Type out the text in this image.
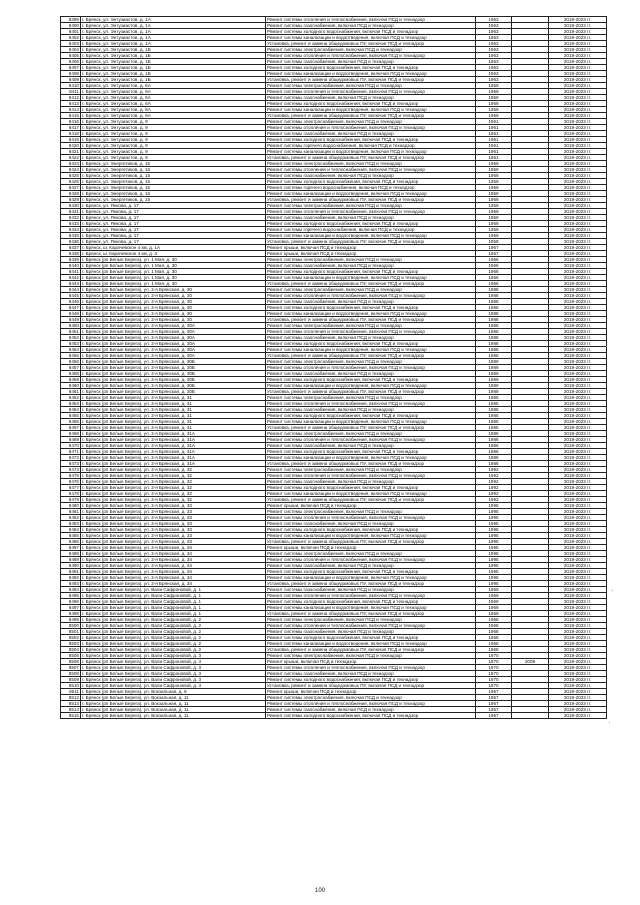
8399	г. Брянск, ул. Энтузиастов, д. 1А	Ремонт системы отопления и теплоснабжения, включая ПСД и технадзор	1963		2019-2023 гг.
8400	г. Брянск, ул. Энтузиастов, д. 1А	Ремонт системы газоснабжения, включая ПСД и технадзор	1963		2019-2023 гг.
8401	г. Брянск, ул. Энтузиастов, д. 1А	Ремонт системы холодного водоснабжения, включая ПСД и технадзор	1963		2019-2023 гг.
8402	г. Брянск, ул. Энтузиастов, д. 1А	Ремонт системы канализации и водоотведения, включая ПСД и технадзор	1963		2019-2023 гг.
8403	г. Брянск, ул. Энтузиастов, д. 1А	Установка, ремонт и замена общедомовых ПУ, включая ПСД и технадзор	1963		2019-2023 гг.
8404	г. Брянск, ул. Энтузиастов, д. 1Б	Ремонт системы электроснабжения, включая ПСД и технадзор	1963		2019-2023 гг.
8405	г. Брянск, ул. Энтузиастов, д. 1Б	Ремонт системы отопления и теплоснабжения, включая ПСД и технадзор	1963		2019-2023 гг.
8406	г. Брянск, ул. Энтузиастов, д. 1Б	Ремонт системы газоснабжения, включая ПСД и технадзор	1963		2019-2023 гг.
8407	г. Брянск, ул. Энтузиастов, д. 1Б	Ремонт системы холодного водоснабжения, включая ПСД и технадзор	1963		2019-2023 гг.
8408	г. Брянск, ул. Энтузиастов, д. 1Б	Ремонт системы канализации и водоотведения, включая ПСД и технадзор	1963		2019-2023 гг.
8409	г. Брянск, ул. Энтузиастов, д. 1Б	Установка, ремонт и замена общедомовых ПУ, включая ПСД и технадзор	1963		2019-2023 гг.
8410	г. Брянск, ул. Энтузиастов, д. 6А	Ремонт системы электроснабжения, включая ПСД и технадзор	1959		2019-2023 гг.
8411	г. Брянск, ул. Энтузиастов, д. 6А	Ремонт системы отопления и теплоснабжения, включая ПСД и технадзор	1959		2019-2023 гг.
8412	г. Брянск, ул. Энтузиастов, д. 6А	Ремонт системы газоснабжения, включая ПСД и технадзор	1959		2019-2023 гг.
8413	г. Брянск, ул. Энтузиастов, д. 6А	Ремонт системы холодного водоснабжения, включая ПСД и технадзор	1959		2019-2023 гг.
8414	г. Брянск, ул. Энтузиастов, д. 6А	Ремонт системы канализации и водоотведения, включая ПСД и технадзор	1959		2019-2023 гг.
8415	г. Брянск, ул. Энтузиастов, д. 6А	Установка, ремонт и замена общедомовых ПУ, включая ПСД и технадзор	1959		2019-2023 гг.
8416	г. Брянск, ул. Энтузиастов, д. 9	Ремонт системы электроснабжения, включая ПСД и технадзор	1961		2019-2023 гг.
8417	г. Брянск, ул. Энтузиастов, д. 9	Ремонт системы отопления и теплоснабжения, включая ПСД и технадзор	1961		2019-2023 гг.
8418	г. Брянск, ул. Энтузиастов, д. 9	Ремонт системы газоснабжения, включая ПСД и технадзор	1961		2019-2023 гг.
8419	г. Брянск, ул. Энтузиастов, д. 9	Ремонт системы холодного водоснабжения, включая ПСД и технадзор	1961		2019-2023 гг.
8420	г. Брянск, ул. Энтузиастов, д. 9	Ремонт системы горячего водоснабжения, включая ПСД и технадзор	1961		2019-2023 гг.
8421	г. Брянск, ул. Энтузиастов, д. 9	Ремонт системы канализации и водоотведения, включая ПСД и технадзор	1961		2019-2023 гг.
8422	г. Брянск, ул. Энтузиастов, д. 9	Установка, ремонт и замена общедомовых ПУ, включая ПСД и технадзор	1961		2019-2023 гг.
8423	г. Брянск, ул. Энергетиков, д. 15	Ремонт системы электроснабжения, включая ПСД и технадзор	1959		2019-2023 гг.
8424	г. Брянск, ул. Энергетиков, д. 15	Ремонт системы отопления и теплоснабжения, включая ПСД и технадзор	1959		2019-2023 гг.
8425	г. Брянск, ул. Энергетиков, д. 15	Ремонт системы газоснабжения, включая ПСД и технадзор	1959		2019-2023 гг.
8426	г. Брянск, ул. Энергетиков, д. 15	Ремонт системы холодного водоснабжения, включая ПСД и технадзор	1959		2019-2023 гг.
8427	г. Брянск, ул. Энергетиков, д. 15	Ремонт системы горячего водоснабжения, включая ПСД и технадзор	1959		2019-2023 гг.
8428	г. Брянск, ул. Энергетиков, д. 15	Ремонт системы канализации и водоотведения, включая ПСД и технадзор	1959		2019-2023 гг.
8429	г. Брянск, ул. Энергетиков, д. 15	Установка, ремонт и замена общедомовых ПУ, включая ПСД и технадзор	1959		2019-2023 гг.
8430	г. Брянск, ул. Янкова, д. 17	Ремонт системы электроснабжения, включая ПСД и технадзор	1959		2019-2023 гг.
8431	г. Брянск, ул. Янкова, д. 17	Ремонт системы отопления и теплоснабжения, включая ПСД и технадзор	1959		2019-2023 гг.
8432	г. Брянск, ул. Янкова, д. 17	Ремонт системы газоснабжения, включая ПСД и технадзор	1959		2019-2023 гг.
8433	г. Брянск, ул. Янкова, д. 17	Ремонт системы холодного водоснабжения, включая ПСД и технадзор	1959		2019-2023 гг.
8434	г. Брянск, ул. Янкова, д. 17	Ремонт системы горячего водоснабжения, включая ПСД и технадзор	1959		2019-2023 гг.
8435	г. Брянск, ул. Янкова, д. 17	Ремонт системы канализации и водоотведения, включая ПСД и технадзор	1959		2019-2023 гг.
8436	г. Брянск, ул. Янкова, д. 17	Установка, ремонт и замена общедомовых ПУ, включая ПСД и технадзор	1959		2019-2023 гг.
8437	г. Брянск, ш. Карачевское 4 км, д. 1А	Ремонт крыши, включая ПСД и технадзор	1967		2019-2023 гг.
8438	г. Брянск, ш. Карачевское 4 км, д. 3	Ремонт крыши, включая ПСД и технадзор	1967		2019-2023 гг.
8439	г. Брянск (рп Белые Берега), ул. 1 Мая, д. 30	Ремонт системы электроснабжения, включая ПСД и технадзор	1966		2019-2023 гг.
8440	г. Брянск (рп Белые Берега), ул. 1 Мая, д. 30	Ремонт системы газоснабжения, включая ПСД и технадзор	1966		2019-2023 гг.
8441	г. Брянск (рп Белые Берега), ул. 1 Мая, д. 30	Ремонт системы холодного водоснабжения, включая ПСД и технадзор	1966		2019-2023 гг.
8442	г. Брянск (рп Белые Берега), ул. 1 Мая, д. 30	Ремонт системы канализации и водоотведения, включая ПСД и технадзор	1966		2019-2023 гг.
8443	г. Брянск (рп Белые Берега), ул. 1 Мая, д. 30	Установка, ремонт и замена общедомовых ПУ, включая ПСД и технадзор	1966		2019-2023 гг.
8444	г. Брянск (рп Белые Берега), ул. 2-я Брянская, д. 30	Ремонт системы электроснабжения, включая ПСД и технадзор	1988		2019-2023 гг.
8445	г. Брянск (рп Белые Берега), ул. 2-я Брянская, д. 30	Ремонт системы отопления и теплоснабжения, включая ПСД и технадзор	1988		2019-2023 гг.
8446	г. Брянск (рп Белые Берега), ул. 2-я Брянская, д. 30	Ремонт системы газоснабжения, включая ПСД и технадзор	1988		2019-2023 гг.
8447	г. Брянск (рп Белые Берега), ул. 2-я Брянская, д. 30	Ремонт системы холодного водоснабжения, включая ПСД и технадзор	1988		2019-2023 гг.
8448	г. Брянск (рп Белые Берега), ул. 2-я Брянская, д. 30	Ремонт системы канализации и водоотведения, включая ПСД и технадзор	1988		2019-2023 гг.
8449	г. Брянск (рп Белые Берега), ул. 2-я Брянская, д. 30	Установка, ремонт и замена общедомовых ПУ, включая ПСД и технадзор	1988		2019-2023 гг.
8450	г. Брянск (рп Белые Берега), ул. 2-я Брянская, д. 30А	Ремонт системы электроснабжения, включая ПСД и технадзор	1988		2019-2023 гг.
8451	г. Брянск (рп Белые Берега), ул. 2-я Брянская, д. 30А	Ремонт системы отопления и теплоснабжения, включая ПСД и технадзор	1988		2019-2023 гг.
8452	г. Брянск (рп Белые Берега), ул. 2-я Брянская, д. 30А	Ремонт системы газоснабжения, включая ПСД и технадзор	1988		2019-2023 гг.
8453	г. Брянск (рп Белые Берега), ул. 2-я Брянская, д. 30А	Ремонт системы холодного водоснабжения, включая ПСД и технадзор	1988		2019-2023 гг.
8454	г. Брянск (рп Белые Берега), ул. 2-я Брянская, д. 30А	Ремонт системы канализации и водоотведения, включая ПСД и технадзор	1988		2019-2023 гг.
8455	г. Брянск (рп Белые Берега), ул. 2-я Брянская, д. 30А	Установка, ремонт и замена общедомовых ПУ, включая ПСД и технадзор	1988		2019-2023 гг.
8456	г. Брянск (рп Белые Берега), ул. 2-я Брянская, д. 30Б	Ремонт системы электроснабжения, включая ПСД и технадзор	1989		2019-2023 гг.
8457	г. Брянск (рп Белые Берега), ул. 2-я Брянская, д. 30Б	Ремонт системы отопления и теплоснабжения, включая ПСД и технадзор	1989		2019-2023 гг.
8458	г. Брянск (рп Белые Берега), ул. 2-я Брянская, д. 30Б	Ремонт системы газоснабжения, включая ПСД и технадзор	1989		2019-2023 гг.
8459	г. Брянск (рп Белые Берега), ул. 2-я Брянская, д. 30Б	Ремонт системы холодного водоснабжения, включая ПСД и технадзор	1989		2019-2023 гг.
8460	г. Брянск (рп Белые Берега), ул. 2-я Брянская, д. 30Б	Ремонт системы канализации и водоотведения, включая ПСД и технадзор	1989		2019-2023 гг.
8461	г. Брянск (рп Белые Берега), ул. 2-я Брянская, д. 30Б	Установка, ремонт и замена общедомовых ПУ, включая ПСД и технадзор	1989		2019-2023 гг.
8462	г. Брянск (рп Белые Берега), ул. 2-я Брянская, д. 31	Ремонт системы электроснабжения, включая ПСД и технадзор	1985		2019-2023 гг.
8463	г. Брянск (рп Белые Берега), ул. 2-я Брянская, д. 31	Ремонт системы отопления и теплоснабжения, включая ПСД и технадзор	1985		2019-2023 гг.
8464	г. Брянск (рп Белые Берега), ул. 2-я Брянская, д. 31	Ремонт системы газоснабжения, включая ПСД и технадзор	1985		2019-2023 гг.
8465	г. Брянск (рп Белые Берега), ул. 2-я Брянская, д. 31	Ремонт системы холодного водоснабжения, включая ПСД и технадзор	1985		2019-2023 гг.
8466	г. Брянск (рп Белые Берега), ул. 2-я Брянская, д. 31	Ремонт системы канализации и водоотведения, включая ПСД и технадзор	1985		2019-2023 гг.
8467	г. Брянск (рп Белые Берега), ул. 2-я Брянская, д. 31	Установка, ремонт и замена общедомовых ПУ, включая ПСД и технадзор	1985		2019-2023 гг.
8468	г. Брянск (рп Белые Берега), ул. 2-я Брянская, д. 31А	Ремонт системы электроснабжения, включая ПСД и технадзор	1986		2019-2023 гг.
8469	г. Брянск (рп Белые Берега), ул. 2-я Брянская, д. 31А	Ремонт системы отопления и теплоснабжения, включая ПСД и технадзор	1986		2019-2023 гг.
8470	г. Брянск (рп Белые Берега), ул. 2-я Брянская, д. 31А	Ремонт системы газоснабжения, включая ПСД и технадзор	1986		2019-2023 гг.
8471	г. Брянск (рп Белые Берега), ул. 2-я Брянская, д. 31А	Ремонт системы холодного водоснабжения, включая ПСД и технадзор	1986		2019-2023 гг.
8472	г. Брянск (рп Белые Берега), ул. 2-я Брянская, д. 31А	Ремонт системы канализации и водоотведения, включая ПСД и технадзор	1986		2019-2023 гг.
8473	г. Брянск (рп Белые Берега), ул. 2-я Брянская, д. 31А	Установка, ремонт и замена общедомовых ПУ, включая ПСД и технадзор	1986		2019-2023 гг.
8474	г. Брянск (рп Белые Берега), ул. 2-я Брянская, д. 32	Ремонт системы электроснабжения, включая ПСД и технадзор	1992		2019-2023 гг.
8475	г. Брянск (рп Белые Берега), ул. 2-я Брянская, д. 32	Ремонт системы отопления и теплоснабжения, включая ПСД и технадзор	1992		2019-2023 гг.
8476	г. Брянск (рп Белые Берега), ул. 2-я Брянская, д. 32	Ремонт системы газоснабжения, включая ПСД и технадзор	1992		2019-2023 гг.
8477	г. Брянск (рп Белые Берега), ул. 2-я Брянская, д. 32	Ремонт системы холодного водоснабжения, включая ПСД и технадзор	1992		2019-2023 гг.
8478	г. Брянск (рп Белые Берега), ул. 2-я Брянская, д. 32	Ремонт системы канализации и водоотведения, включая ПСД и технадзор	1992		2019-2023 гг.
8479	г. Брянск (рп Белые Берега), ул. 2-я Брянская, д. 32	Установка, ремонт и замена общедомовых ПУ, включая ПСД и технадзор	1992		2019-2023 гг.
8480	г. Брянск (рп Белые Берега), ул. 2-я Брянская, д. 33	Ремонт крыши, включая ПСД и технадзор	1995		2019-2023 гг.
8481	г. Брянск (рп Белые Берега), ул. 2-я Брянская, д. 33	Ремонт системы электроснабжения, включая ПСД и технадзор	1995		2019-2023 гг.
8482	г. Брянск (рп Белые Берега), ул. 2-я Брянская, д. 33	Ремонт системы отопления и теплоснабжения, включая ПСД и технадзор	1995		2019-2023 гг.
8483	г. Брянск (рп Белые Берега), ул. 2-я Брянская, д. 33	Ремонт системы газоснабжения, включая ПСД и технадзор	1995		2019-2023 гг.
8484	г. Брянск (рп Белые Берега), ул. 2-я Брянская, д. 33	Ремонт системы холодного водоснабжения, включая ПСД и технадзор	1995		2019-2023 гг.
8485	г. Брянск (рп Белые Берега), ул. 2-я Брянская, д. 33	Ремонт системы канализации и водоотведения, включая ПСД и технадзор	1995		2019-2023 гг.
8486	г. Брянск (рп Белые Берега), ул. 2-я Брянская, д. 33	Установка, ремонт и замена общедомовых ПУ, включая ПСД и технадзор	1995		2019-2023 гг.
8487	г. Брянск (рп Белые Берега), ул. 2-я Брянская, д. 34	Ремонт крыши, включая ПСД и технадзор	1995		2019-2023 гг.
8488	г. Брянск (рп Белые Берега), ул. 2-я Брянская, д. 34	Ремонт системы электроснабжения, включая ПСД и технадзор	1995		2019-2023 гг.
8489	г. Брянск (рп Белые Берега), ул. 2-я Брянская, д. 34	Ремонт системы отопления и теплоснабжения, включая ПСД и технадзор	1995		2019-2023 гг.
8490	г. Брянск (рп Белые Берега), ул. 2-я Брянская, д. 34	Ремонт системы газоснабжения, включая ПСД и технадзор	1995		2019-2023 гг.
8491	г. Брянск (рп Белые Берега), ул. 2-я Брянская, д. 34	Ремонт системы холодного водоснабжения, включая ПСД и технадзор	1995		2019-2023 гг.
8492	г. Брянск (рп Белые Берега), ул. 2-я Брянская, д. 34	Ремонт системы канализации и водоотведения, включая ПСД и технадзор	1995		2019-2023 гг.
8493	г. Брянск (рп Белые Берега), ул. 2-я Брянская, д. 34	Установка, ремонт и замена общедомовых ПУ, включая ПСД и технадзор	1995		2019-2023 гг.
8494	г. Брянск (рп Белые Берега), ул. Вали Сафроновой, д. 1	Ремонт системы газоснабжения, включая ПСД и технадзор	1969		2019-2023 гг.
8495	г. Брянск (рп Белые Берега), ул. Вали Сафроновой, д. 1	Ремонт системы отопления и теплоснабжения, включая ПСД и технадзор	1969		2019-2023 гг.
8496	г. Брянск (рп Белые Берега), ул. Вали Сафроновой, д. 1	Ремонт системы холодного водоснабжения, включая ПСД и технадзор	1969		2019-2023 гг.
8497	г. Брянск (рп Белые Берега), ул. Вали Сафроновой, д. 1	Ремонт системы канализации и водоотведения, включая ПСД и технадзор	1969		2019-2023 гг.
8498	г. Брянск (рп Белые Берега), ул. Вали Сафроновой, д. 1	Установка, ремонт и замена общедомовых ПУ, включая ПСД и технадзор	1969		2019-2023 гг.
8499	г. Брянск (рп Белые Берега), ул. Вали Сафроновой, д. 2	Ремонт системы электроснабжения, включая ПСД и технадзор	1968		2019-2023 гг.
8500	г. Брянск (рп Белые Берега), ул. Вали Сафроновой, д. 2	Ремонт системы отопления и теплоснабжения, включая ПСД и технадзор	1968		2019-2023 гг.
8501	г. Брянск (рп Белые Берега), ул. Вали Сафроновой, д. 2	Ремонт системы газоснабжения, включая ПСД и технадзор	1968		2019-2023 гг.
8502	г. Брянск (рп Белые Берега), ул. Вали Сафроновой, д. 2	Ремонт системы холодного водоснабжения, включая ПСД и технадзор	1968		2019-2023 гг.
8503	г. Брянск (рп Белые Берега), ул. Вали Сафроновой, д. 2	Ремонт системы канализации и водоотведения, включая ПСД и технадзор	1968		2019-2023 гг.
8504	г. Брянск (рп Белые Берега), ул. Вали Сафроновой, д. 2	Установка, ремонт и замена общедомовых ПУ, включая ПСД и технадзор	1968		2019-2023 гг.
8505	г. Брянск (рп Белые Берега), ул. Вали Сафроновой, д. 3	Ремонт системы электроснабжения, включая ПСД и технадзор	1970		2019-2023 гг.
8506	г. Брянск (рп Белые Берега), ул. Вали Сафроновой, д. 3	Ремонт крыши, включая ПСД и технадзор	1970	2009	2019-2023 гг.
8507	г. Брянск (рп Белые Берега), ул. Вали Сафроновой, д. 3	Ремонт системы отопления и теплоснабжения, включая ПСД и технадзор	1970		2019-2023 гг.
8508	г. Брянск (рп Белые Берега), ул. Вали Сафроновой, д. 3	Ремонт системы газоснабжения, включая ПСД и технадзор	1970		2019-2023 гг.
8509	г. Брянск (рп Белые Берега), ул. Вали Сафроновой, д. 3	Ремонт системы холодного водоснабжения, включая ПСД и технадзор	1970		2019-2023 гг.
8510	г. Брянск (рп Белые Берега), ул. Вали Сафроновой, д. 3	Установка, ремонт и замена общедомовых ПУ, включая ПСД и технадзор	1970		2019-2023 гг.
8511	г. Брянск (рп Белые Берега), ул. Вокзальная, д. 9	Ремонт крыши, включая ПСД и технадзор	1957		2019-2023 гг.
8512	г. Брянск (рп Белые Берега), ул. Вокзальная, д. 11	Ремонт системы электроснабжения, включая ПСД и технадзор	1957		2019-2023 гг.
8513	г. Брянск (рп Белые Берега), ул. Вокзальная, д. 11	Ремонт системы отопления и теплоснабжения, включая ПСД и технадзор	1957		2019-2023 гг.
8514	г. Брянск (рп Белые Берега), ул. Вокзальная, д. 11	Ремонт системы газоснабжения, включая ПСД и технадзор	1957		2019-2023 гг.
8515	г. Брянск (рп Белые Берега), ул. Вокзальная, д. 11	Ремонт системы холодного водоснабжения, включая ПСД и технадзор	1957		2019-2023 гг.
100
